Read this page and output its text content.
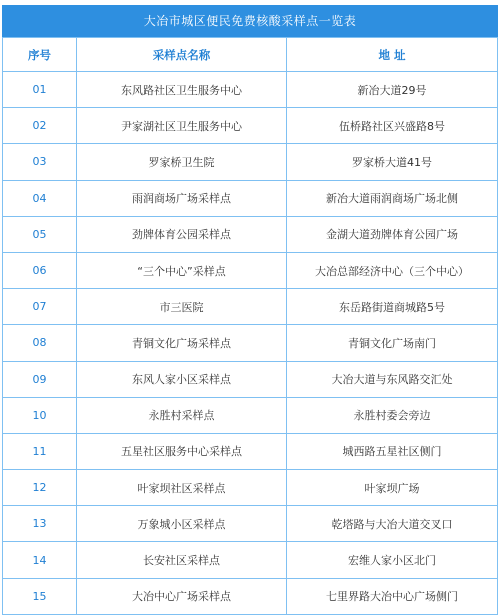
大冶市城区便民免费核酸采样点一览表
序号	采样点名称	地 址
01	东风路社区卫生服务中心	新冶大道29号
02	尹家湖社区卫生服务中心	伍桥路社区兴盛路8号
03	罗家桥卫生院	罗家桥大道41号
04	雨润商场广场采样点	新冶大道雨润商场广场北侧
05	劲牌体育公园采样点	金湖大道劲牌体育公园广场
06	“三个中心”采样点	大冶总部经济中心（三个中心）
07	市三医院	东岳路街道商城路5号
08	青铜文化广场采样点	青铜文化广场南门
09	东风人家小区采样点	大冶大道与东风路交汇处
10	永胜村采样点	永胜村委会旁边
11	五星社区服务中心采样点	城西路五星社区侧门
12	叶家坝社区采样点	叶家坝广场
13	万象城小区采样点	乾塔路与大冶大道交叉口
14	长安社区采样点	宏维人家小区北门
15	大冶中心广场采样点	七里界路大冶中心广场侧门
